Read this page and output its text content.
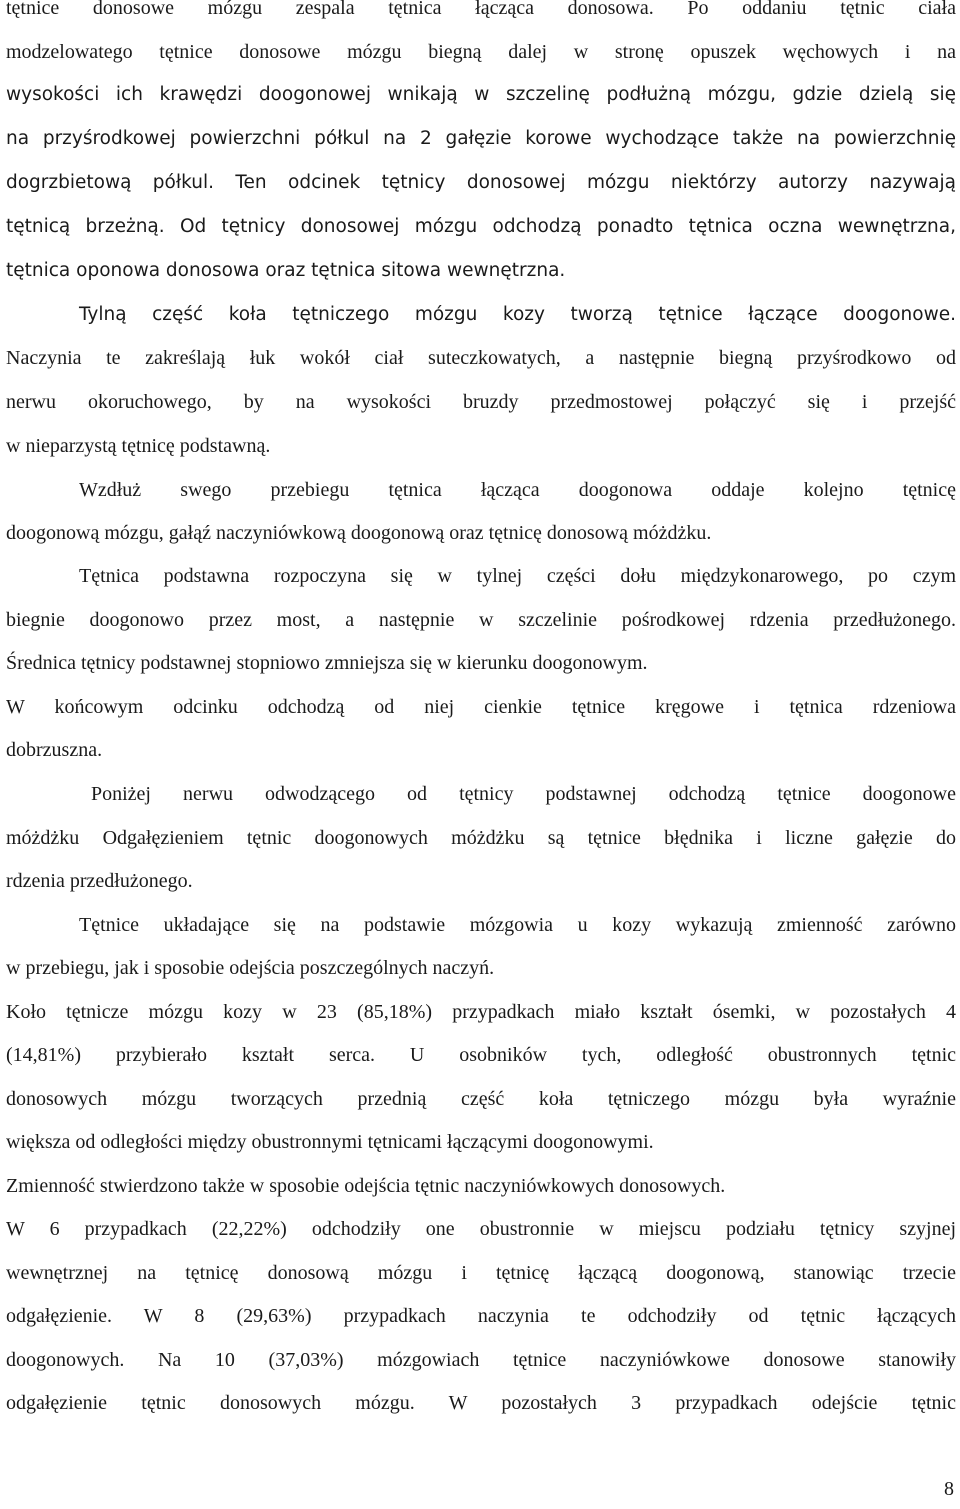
tętnice donosowe mózgu zespala tętnica łącząca donosowa. Po oddaniu tętnic ciała
modzelowatego tętnice donosowe mózgu biegną dalej w stronę opuszek węchowych i na
wysokości ich krawędzi doogonowej wnikają w szczelinę podłużną mózgu, gdzie dzielą się
na przyśrodkowej powierzchni półkul na 2 gałęzie korowe wychodzące także na powierzchnię
dogrzbietową półkul. Ten odcinek tętnicy donosowej mózgu niektórzy autorzy nazywają
tętnicą brzeżną. Od tętnicy donosowej mózgu odchodzą ponadto tętnica oczna wewnętrzna,
tętnica oponowa donosowa oraz tętnica sitowa wewnętrzna.
Tylną część koła tętniczego mózgu kozy tworzą tętnice łączące doogonowe.
Naczynia te zakreślają łuk wokół ciał suteczkowatych, a następnie biegną przyśrodkowo od
nerwu okoruchowego, by na wysokości bruzdy przedmostowej połączyć się i przejść
w nieparzystą tętnicę podstawną.
Wzdłuż swego przebiegu tętnica łącząca doogonowa oddaje kolejno tętnicę
doogonową mózgu, gałąź naczyniówkową doogonową oraz tętnicę donosową móżdżku.
Tętnica podstawna rozpoczyna się w tylnej części dołu międzykonarowego, po czym
biegnie doogonowo przez most, a następnie w szczelinie pośrodkowej rdzenia przedłużonego.
Średnica tętnicy podstawnej stopniowo zmniejsza się w kierunku doogonowym.
W końcowym odcinku odchodzą od niej cienkie tętnice kręgowe i tętnica rdzeniowa
dobrzuszna.
Poniżej nerwu odwodzącego od tętnicy podstawnej odchodzą tętnice doogonowe
móżdżku Odgałęzieniem tętnic doogonowych móżdżku są tętnice błędnika i liczne gałęzie do
rdzenia przedłużonego.
Tętnice układające się na podstawie mózgowia u kozy wykazują zmienność zarówno
w przebiegu, jak i sposobie odejścia poszczególnych naczyń.
Koło tętnicze mózgu kozy w 23 (85,18%) przypadkach miało kształt ósemki, w pozostałych 4
(14,81%) przybierało kształt serca. U osobników tych, odległość obustronnych tętnic
donosowych mózgu tworzących przednią część koła tętniczego mózgu była wyraźnie
większa od odległości między obustronnymi tętnicami łączącymi doogonowymi.
Zmienność stwierdzono także w sposobie odejścia tętnic naczyniówkowych donosowych.
W 6 przypadkach (22,22%) odchodziły one obustronnie w miejscu podziału tętnicy szyjnej
wewnętrznej na tętnicę donosową mózgu i tętnicę łączącą doogonową, stanowiąc trzecie
odgałęzienie. W 8 (29,63%) przypadkach naczynia te odchodziły od tętnic łączących
doogonowych. Na 10 (37,03%) mózgowiach tętnice naczyniówkowe donosowe stanowiły
odgałęzienie tętnic donosowych mózgu. W pozostałych 3 przypadkach odejście tętnic
8
